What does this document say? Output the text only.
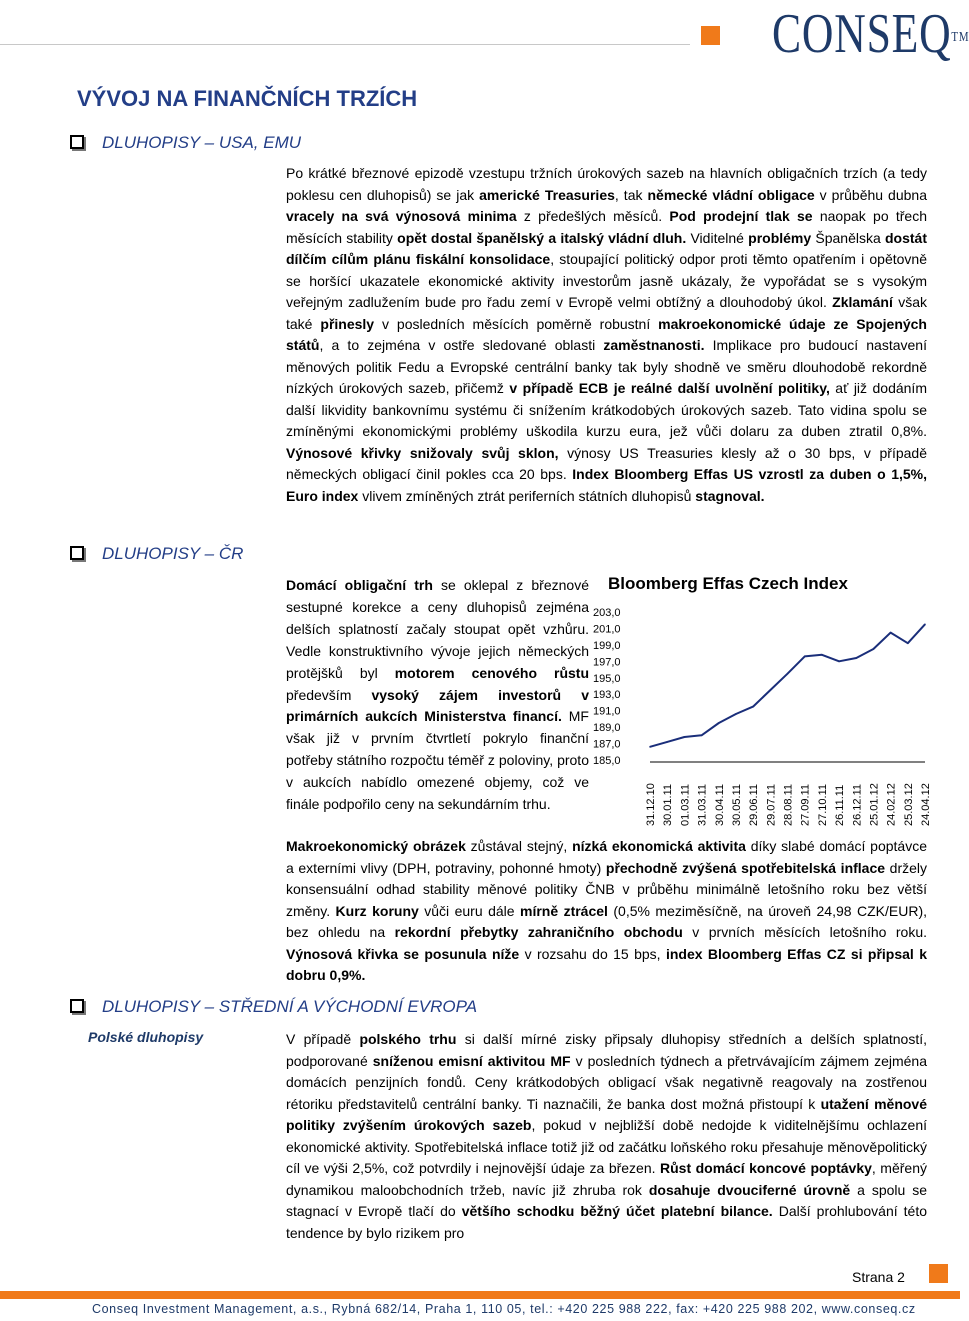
CONSEQ™
VÝVOJ NA FINANČNÍCH TRZÍCH
DLUHOPISY – USA, EMU
DLUHOPISY – ČR
DLUHOPISY – STŘEDNÍ A VÝCHODNÍ EVROPA
Polské dluhopisy

Po krátké březnové epizodě vzestupu tržních úrokových sazeb na hlavních obligačních trzích (a tedy poklesu cen dluhopisů) se jak americké Treasuries, tak německé vládní obligace v průběhu dubna vracely na svá výnosová minima z předešlých měsíců. Pod prodejní tlak se naopak po třech měsících stability opět dostal španělský a italský vládní dluh. Viditelné problémy Španělska dostát dílčím cílům plánu fiskální konsolidace, stoupající politický odpor proti těmto opatřením i opětovně se horšící ukazatele ekonomické aktivity investorům jasně ukázaly, že vypořádat se s vysokým veřejným zadlužením bude pro řadu zemí v Evropě velmi obtížný a dlouhodobý úkol. Zklamání však také přinesly v posledních měsících poměrně robustní makroekonomické údaje ze Spojených států, a to zejména v ostře sledované oblasti zaměstnanosti. Implikace pro budoucí nastavení měnových politik Fedu a Evropské centrální banky tak byly shodně ve směru dlouhodobě rekordně nízkých úrokových sazeb, přičemž v případě ECB je reálné další uvolnění politiky, ať již dodáním další likvidity bankovnímu systému či snížením krátkodobých úrokových sazeb. Tato vidina spolu se zmíněnými ekonomickými problémy uškodila kurzu eura, jež vůči dolaru za duben ztratil 0,8%. Výnosové křivky snižovaly svůj sklon, výnosy US Treasuries klesly až o 30 bps, v případě německých obligací činil pokles cca 20 bps. Index Bloomberg Effas US vzrostl za duben o 1,5%, Euro index vlivem zmíněných ztrát periferních státních dluhopisů stagnoval.

Domácí obligační trh se oklepal z březnové sestupné korekce a ceny dluhopisů zejména delších splatností začaly stoupat opět vzhůru. Vedle konstruktivního vývoje jejich německých protějšků byl motorem cenového růstu především vysoký zájem investorů v primárních aukcích Ministerstva financí. MF však již v prvním čtvrtletí pokrylo finanční potřeby státního rozpočtu téměř z poloviny, proto v aukcích nabídlo omezené objemy, což ve finále podpořilo ceny na sekundárním trhu.

Makroekonomický obrázek zůstával stejný, nízká ekonomická aktivita díky slabé domácí poptávce a externími vlivy (DPH, potraviny, pohonné hmoty) přechodně zvýšená spotřebitelská inflace držely konsensuální odhad stability měnové politiky ČNB v průběhu minimálně letošního roku bez větší změny. Kurz koruny vůči euru dále mírně ztrácel (0,5% meziměsíčně, na úroveň 24,98 CZK/EUR), bez ohledu na rekordní přebytky zahraničního obchodu v prvních měsících letošního roku. Výnosová křivka se posunula níže v rozsahu do 15 bps, index Bloomberg Effas CZ si připsal k dobru 0,9%.

V případě polského trhu si další mírné zisky připsaly dluhopisy středních a delších splatností, podporované sníženou emisní aktivitou MF v posledních týdnech a přetrvávajícím zájmem zejména domácích penzijních fondů. Ceny krátkodobých obligací však negativně reagovaly na zostřenou rétoriku představitelů centrální banky. Ti naznačili, že banka dost možná přistoupí k utažení měnové politiky zvýšením úrokových sazeb, pokud v nejbližší době nedojde k viditelnějšímu ochlazení ekonomické aktivity. Spotřebitelská inflace totiž již od začátku loňského roku přesahuje měnověpolitický cíl ve výši 2,5%, což potvrdily i nejnovější údaje za březen. Růst domácí koncové poptávky, měřený dynamikou maloobchodních tržeb, navíc již zhruba rok dosahuje dvouciferné úrovně a spolu se stagnací v Evropě tlačí do většího schodku běžný účet platební bilance. Další prohlubování této tendence by bylo rizikem pro

Bloomberg Effas Czech Index
203,0
201,0
199,0
197,0
195,0
193,0
191,0
189,0
187,0
185,0
31.12.10 30.01.11 01.03.11 31.03.11 30.04.11 30.05.11 29.06.11 29.07.11 28.08.11 27.09.11 27.10.11 26.11.11 26.12.11 25.01.12 24.02.12 25.03.12 24.04.12
Strana 2
Conseq Investment Management, a.s., Rybná 682/14, Praha 1, 110 05, tel.: +420 225 988 222, fax: +420 225 988 202, www.conseq.cz
